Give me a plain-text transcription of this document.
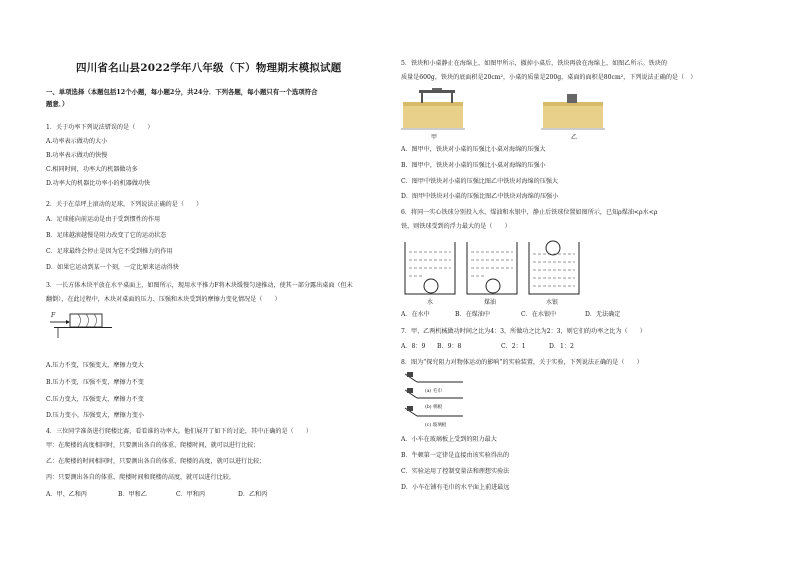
四川省名山县2022学年八年级（下）物理期末模拟试题
一、单项选择（本题包括12个小题，每小题2分，共24分．下列各题，每小题只有一个选项符合
题意．）
1．关于功率下列说法错误的是（　　）
A.功率表示做功的大小
B.功率表示做功的快慢
C.相同时间，功率大的机器做功多
D.功率大的机器比功率小的机器做功快
2．关于在草坪上滚动的足球，下列说法正确的是（　　）
A．足球能向前运动是由于受到惯性的作用
B．足球越滚越慢是阻力改变了它的运动状态
C．足球最终会停止是因为它不受到推力的作用
D．如果它运动到某一个刻，一定比原来运动得快
3．一长方体木块平放在水平桌面上，如图所示，现用水平推力F将木块缓慢匀速推动，使其一部分露出桌面（但未
翻倒），在此过程中，木块对桌面的压力、压强和木块受到的摩擦力变化情况是（　　）
F
A.压力不变，压强变大，摩擦力变大
B.压力不变，压强不变，摩擦力不变
C.压力变大，压强变大，摩擦力不变
D.压力变小，压强变大，摩擦力变小
4．三位同学准备进行爬楼比赛，看看谁的功率大。他们展开了如下的讨论，其中正确的是（　　）
甲：在爬楼的高度相同时，只要测出各自的体重、爬楼时间，就可以进行比较；
乙：在爬楼的时间相同时，只要测出各自的体重、爬楼的高度，就可以进行比较；
丙：只要测出各自的体重、爬楼时间和爬楼的高度，就可以进行比较。
A．甲、乙和丙	B．甲和乙	C．甲和丙	D．乙和丙
5．铁块和小桌静止在海绵上，如图甲所示，撤掉小桌后，铁块再放在海绵上，如图乙所示。铁块的
质量是600g，铁块的底面积是20cm²，小桌的质量是200g，桌面的面积是80cm²，下列说法正确的是（　）
甲	乙
A．图甲中，铁块对小桌的压强比小桌对海绵的压强大
B．图甲中，铁块对小桌的压强比小桌对海绵的压强小
C．图甲中铁块对小桌的压强比图乙中铁块对海绵的压强大
D．图甲中铁块对小桌的压强比图乙中铁块对海绵的压强小
6．将同一实心铁球分别投入水、煤油和水银中，静止后铁球位置如图所示，已知ρ煤油<ρ水<ρ
铁，则铁球受到的浮力最大的是（　　）
水	煤油	水银
A．在水中	B．在煤油中	C．在水银中	D．无法确定
7．甲、乙两机械做功时间之比为4：3，所做功之比为2：3，则它们的功率之比为（　　）
A．8：9 B．9：8	C．2：1	D．1：2
8．图为“探究阻力对物体运动的影响”的实验装置，关于实验，下列说法正确的是（　　）
(a) 毛巾
(b) 棉板
(c) 玻璃板
A．小车在玻璃板上受到的阻力最大
B．牛顿第一定律是直接由该实验得出的
C．实验运用了控制变量法和理想实验法
D．小车在铺有毛巾的水平面上前进最远
